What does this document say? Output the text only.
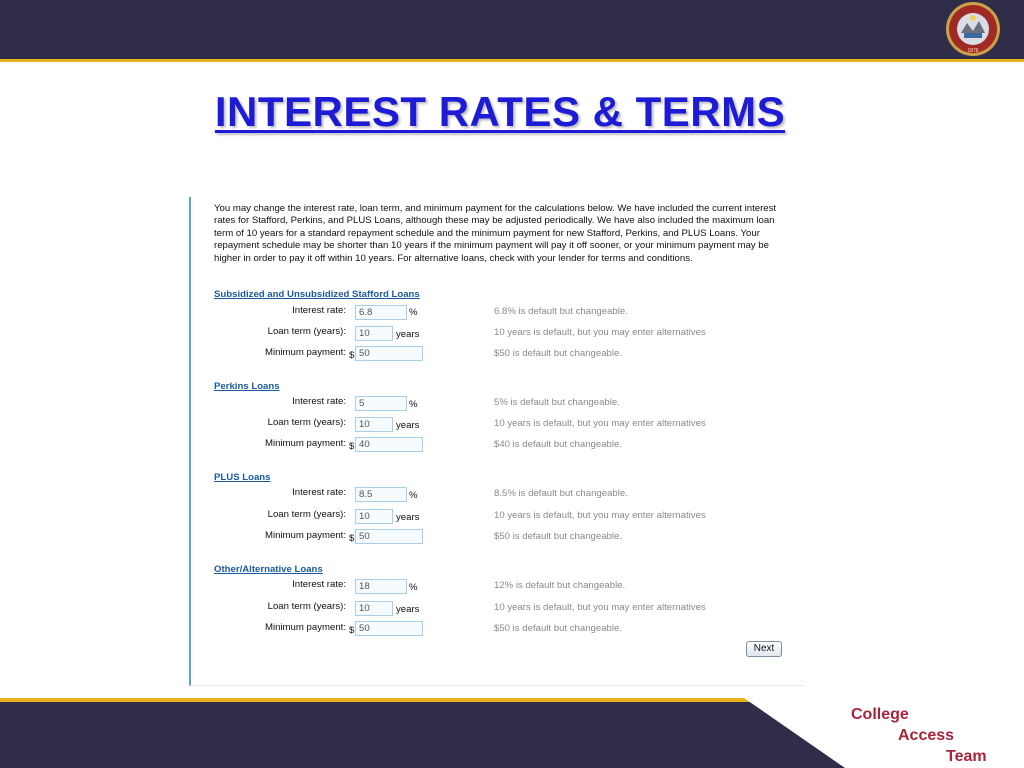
1876
INTEREST RATES & TERMS
You may change the interest rate, loan term, and minimum payment for the calculations below. We have included the current interest rates for Stafford, Perkins, and PLUS Loans, although these may be adjusted periodically. We have also included the maximum loan term of 10 years for a standard repayment schedule and the minimum payment for new Stafford, Perkins, and PLUS Loans. Your repayment schedule may be shorter than 10 years if the minimum payment will pay it off sooner, or your minimum payment may be higher in order to pay it off within 10 years. For alternative loans, check with your lender for terms and conditions.
Subsidized and Unsubsidized Stafford Loans
Interest rate:
6.8	%	6.8% is default but changeable.
Loan term (years):
10	years	10 years is default, but you may enter alternatives
Minimum payment: $
50	$50 is default but changeable.
Perkins Loans
Interest rate:
5	%	5% is default but changeable.
Loan term (years):
10	years	10 years is default, but you may enter alternatives
Minimum payment: $
40	$40 is default but changeable.
PLUS Loans
Interest rate:
8.5	%	8.5% is default but changeable.
Loan term (years):
10	years	10 years is default, but you may enter alternatives
Minimum payment: $
50	$50 is default but changeable.
Other/Alternative Loans
Interest rate:
18	%	12% is default but changeable.
Loan term (years):
10	years	10 years is default, but you may enter alternatives
Minimum payment: $
50	$50 is default but changeable.
Next
College
Access
Team
